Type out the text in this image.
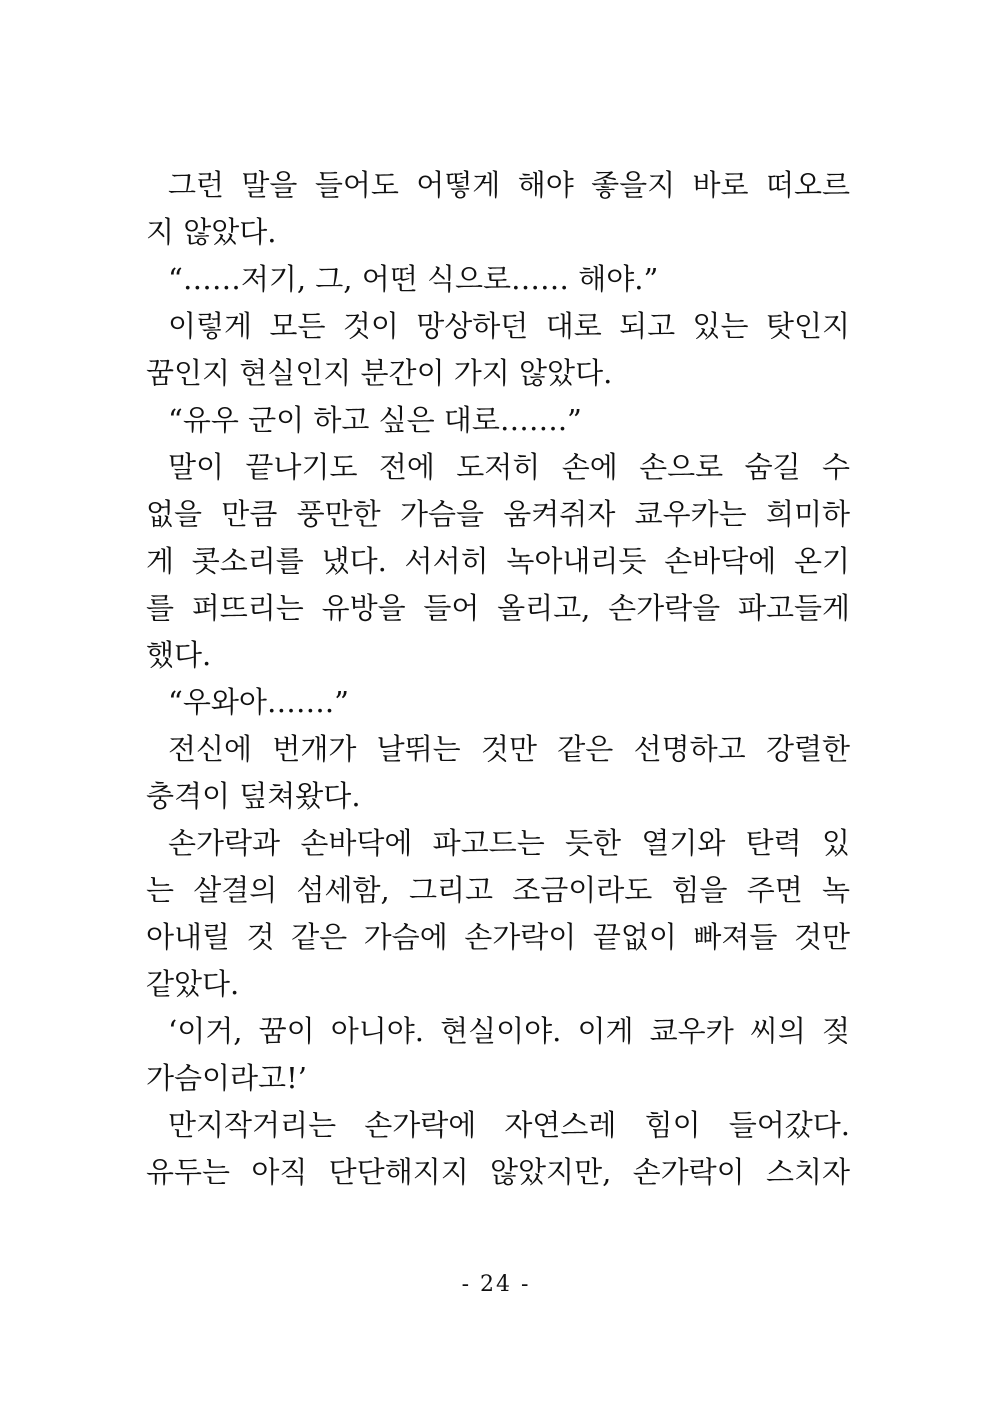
그런 말을 들어도 어떻게 해야 좋을지 바로 떠오르
지 않았다.
“……저기, 그, 어떤 식으로…… 해야.”
이렇게 모든 것이 망상하던 대로 되고 있는 탓인지
꿈인지 현실인지 분간이 가지 않았다.
“유우 군이 하고 싶은 대로…….”
말이 끝나기도 전에 도저히 손에 손으로 숨길 수
없을 만큼 풍만한 가슴을 움켜쥐자 쿄우카는 희미하
게 콧소리를 냈다. 서서히 녹아내리듯 손바닥에 온기
를 퍼뜨리는 유방을 들어 올리고, 손가락을 파고들게
했다.
“우와아…….”
전신에 번개가 날뛰는 것만 같은 선명하고 강렬한
충격이 덮쳐왔다.
손가락과 손바닥에 파고드는 듯한 열기와 탄력 있
는 살결의 섬세함, 그리고 조금이라도 힘을 주면 녹
아내릴 것 같은 가슴에 손가락이 끝없이 빠져들 것만
같았다.
‘이거, 꿈이 아니야. 현실이야. 이게 쿄우카 씨의 젖
가슴이라고!’
만지작거리는 손가락에 자연스레 힘이 들어갔다.
유두는 아직 단단해지지 않았지만, 손가락이 스치자
- 24 -
